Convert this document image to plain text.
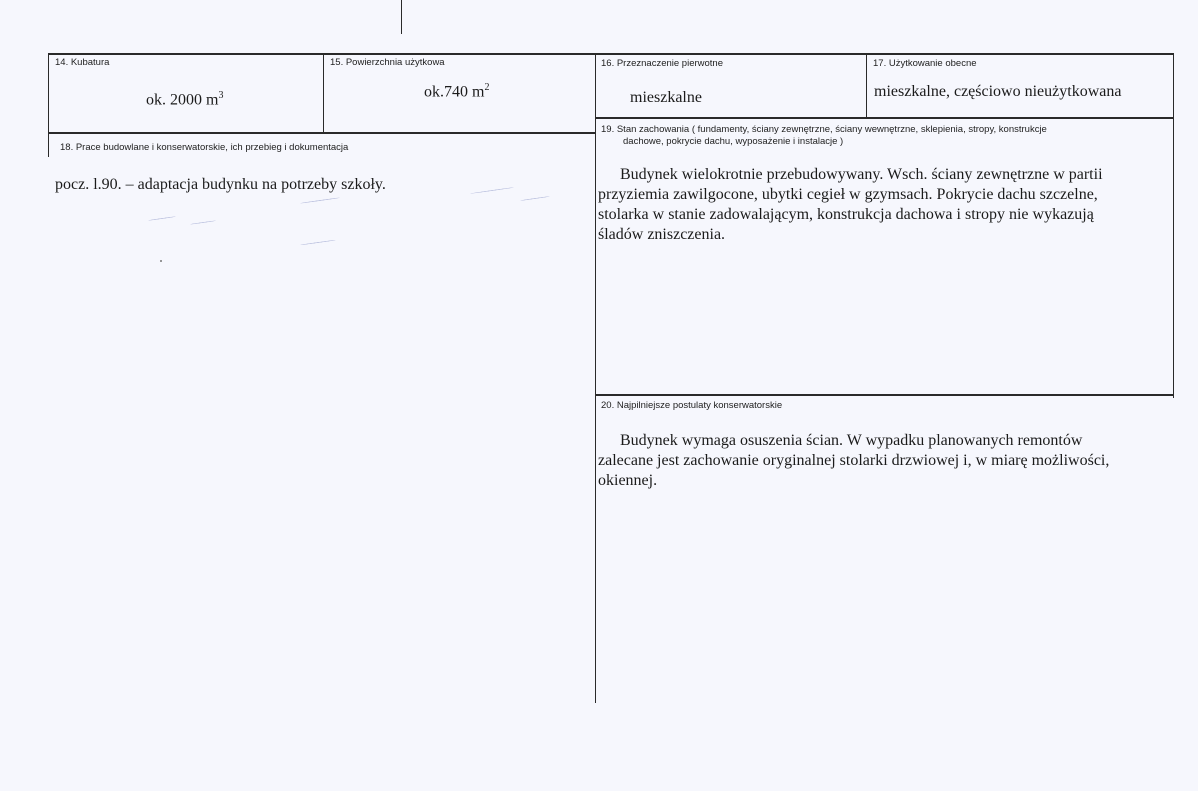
14. Kubatura
ok. 2000 $m^3$
15. Powierzchnia użytkowa
ok.740 $m^2$
16. Przeznaczenie pierwotne
mieszkalne
17. Użytkowanie obecne
mieszkalne, częściowo nieużytkowana
18. Prace budowlane i konserwatorskie, ich przebieg i dokumentacja
pocz. l.90. – adaptacja budynku na potrzeby szkoły.
19. Stan zachowania ( fundamenty, ściany zewnętrzne, ściany wewnętrzne, sklepienia, stropy, konstrukcje
dachowe, pokrycie dachu, wyposażenie i instalacje )
Budynek wielokrotnie przebudowywany. Wsch. ściany zewnętrzne w partii
przyziemia zawilgocone, ubytki cegieł w gzymsach. Pokrycie dachu szczelne,
stolarka w stanie zadowalającym, konstrukcja dachowa i stropy nie wykazują
śladów zniszczenia.
20. Najpilniejsze postulaty konserwatorskie
Budynek wymaga osuszenia ścian. W wypadku planowanych remontów
zalecane jest zachowanie oryginalnej stolarki drzwiowej i, w miarę możliwości,
okiennej.
